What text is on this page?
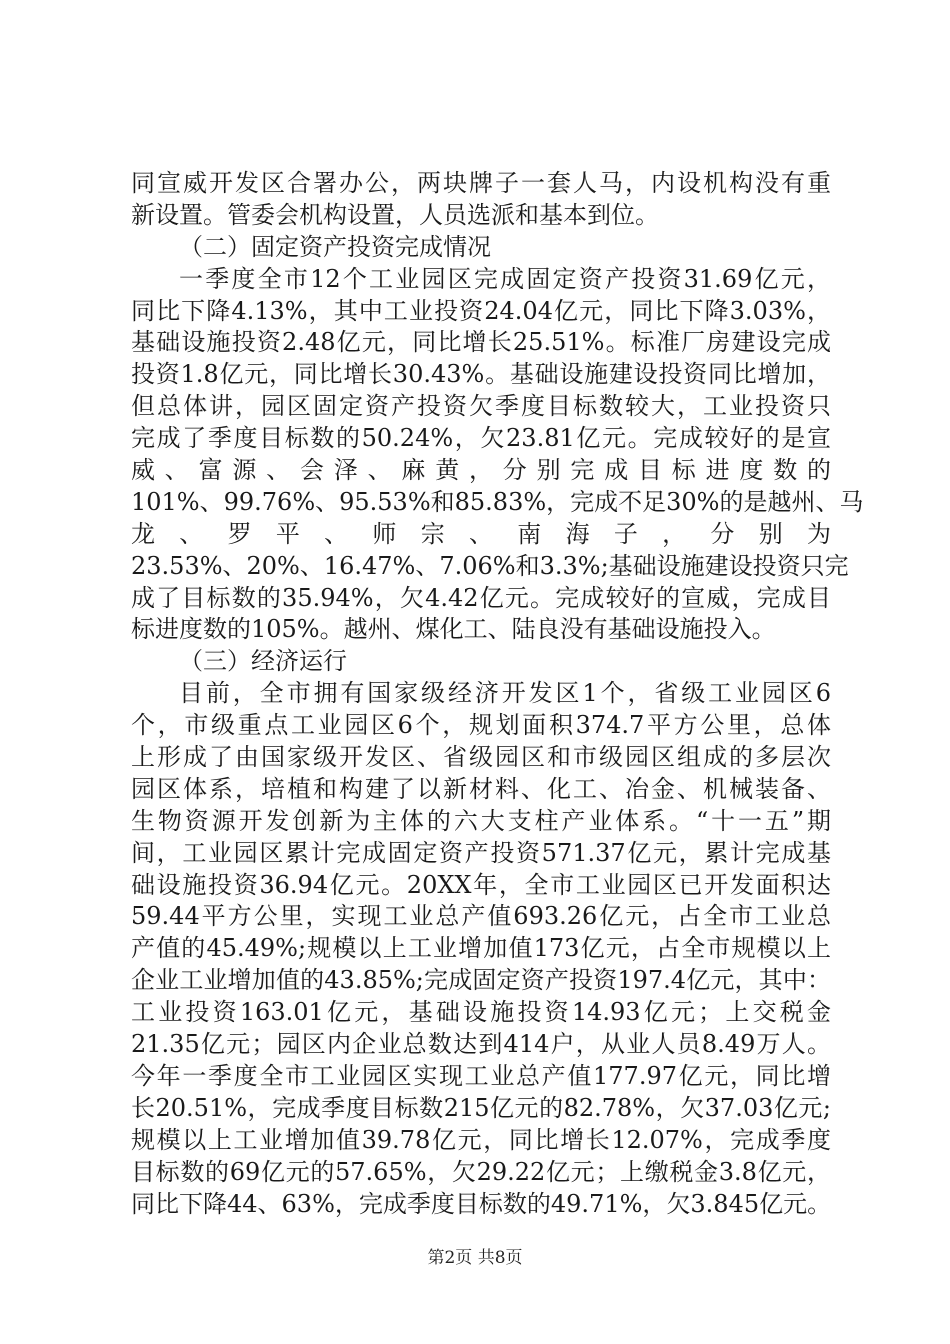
同宣威开发区合署办公，两块牌子一套人马，内设机构没有重
新设置。管委会机构设置，人员选派和基本到位。
（二）固定资产投资完成情况
一季度全市12个工业园区完成固定资产投资31.69亿元，
同比下降4.13%，其中工业投资24.04亿元，同比下降3.03%，
基础设施投资2.48亿元，同比增长25.51%。标准厂房建设完成
投资1.8亿元，同比增长30.43%。基础设施建设投资同比增加，
但总体讲，园区固定资产投资欠季度目标数较大，工业投资只
完成了季度目标数的50.24%，欠23.81亿元。完成较好的是宣
威 、 富 源 、 会 泽 、 麻 黄 ， 分 别 完 成 目 标 进 度 数 的
101%、99.76%、95.53%和85.83%，完成不足30%的是越州、马
龙 、 罗 平 、 师 宗 、 南 海 子 ， 分 别 为
23.53%、20%、16.47%、7.06%和3.3%;基础设施建设投资只完
成了目标数的35.94%，欠4.42亿元。完成较好的宣威，完成目
标进度数的105%。越州、煤化工、陆良没有基础设施投入。
（三）经济运行
目前，全市拥有国家级经济开发区1个，省级工业园区6
个，市级重点工业园区6个，规划面积374.7平方公里，总体
上形成了由国家级开发区、省级园区和市级园区组成的多层次
园区体系，培植和构建了以新材料、化工、冶金、机械装备、
生物资源开发创新为主体的六大支柱产业体系。“十一五”期
间，工业园区累计完成固定资产投资571.37亿元，累计完成基
础设施投资36.94亿元。20XX年，全市工业园区已开发面积达
59.44平方公里，实现工业总产值693.26亿元，占全市工业总
产值的45.49%;规模以上工业增加值173亿元，占全市规模以上
企业工业增加值的43.85%;完成固定资产投资197.4亿元，其中：
工业投资163.01亿元，基础设施投资14.93亿元；上交税金
21.35亿元；园区内企业总数达到414户，从业人员8.49万人。
今年一季度全市工业园区实现工业总产值177.97亿元，同比增
长20.51%，完成季度目标数215亿元的82.78%，欠37.03亿元;
规模以上工业增加值39.78亿元，同比增长12.07%，完成季度
目标数的69亿元的57.65%，欠29.22亿元；上缴税金3.8亿元，
同比下降44、63%，完成季度目标数的49.71%，欠3.845亿元。
第2页 共8页
